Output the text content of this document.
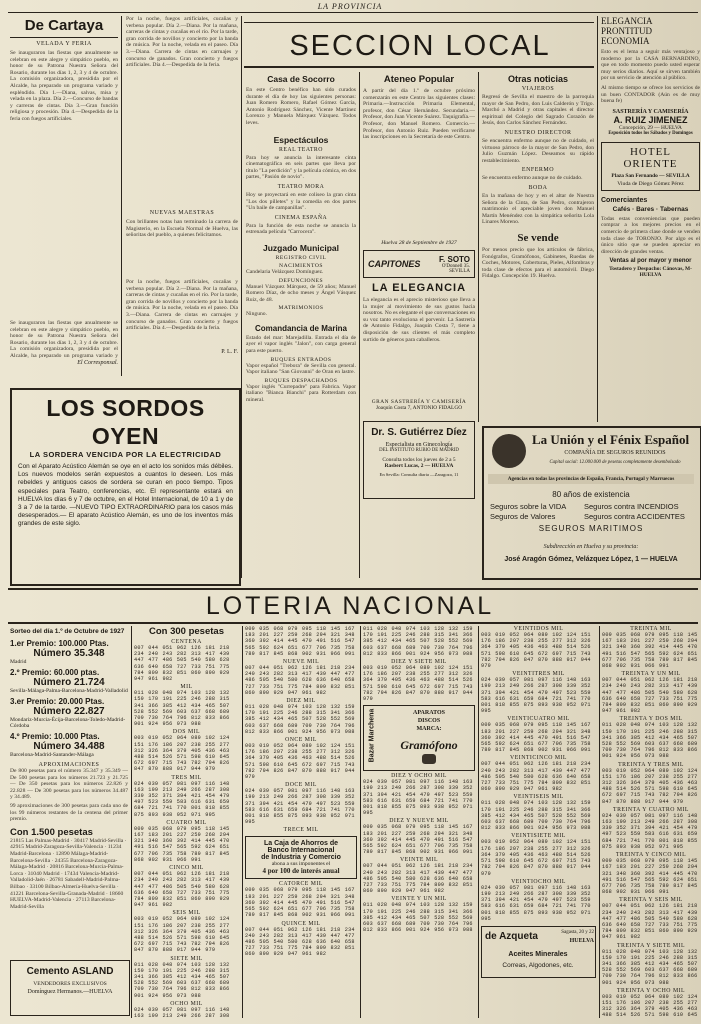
LA PROVINCIA
De Cartaya
VELADA Y FERIA
Se inauguraron las fiestas que anualmente se celebran en este alegre y simpático pueblo, en honor de su Patrona Nuestra Señora del Rosario, durante los días 1, 2, 3 y 4 de octubre. La comisión organizadora, presidida por el Alcalde, ha preparado un programa variado y espléndido. Día 1.—Diana, salvas, misa y velada en la plaza. Día 2.—Concurso de bandas y carreras de cintas. Día 3.—Gran función religiosa y procesión. Día 4.—Despedida de la feria con fuegos artificiales.
Se inauguraron las fiestas que anualmente se celebran en este alegre y simpático pueblo, en honor de su Patrona Nuestra Señora del Rosario, durante los días 1, 2, 3 y 4 de octubre. La comisión organizadora, presidida por el Alcalde, ha preparado un programa variado y
El Corresponsal.
Por la noche, fuegos artificiales, cucañas y verbena popular. Día 2.—Diana. Por la mañana, carreras de cintas y cucañas en el río. Por la tarde, gran corrida de novillos y concierto por la banda de música. Por la noche, velada en el paseo. Día 3.—Diana. Carrera de cintas en carruajes y concurso de ganados. Gran concierto y fuegos artificiales. Día 4.—Despedida de la feria.
NUEVAS MAESTRAS
Con brillantes notas han terminado la carrera de Magisterio, en la Escuela Normal de Huelva, las señoritas del pueblo, a quienes felicitamos.
Por la noche, fuegos artificiales, cucañas y verbena popular. Día 2.—Diana. Por la mañana, carreras de cintas y cucañas en el río. Por la tarde, gran corrida de novillos y concierto por la banda de música. Por la noche, velada en el paseo. Día 3.—Diana. Carrera de cintas en carruajes y concurso de ganados. Gran concierto y fuegos artificiales. Día 4.—Despedida de la feria.
P. L. F.
LOS SORDOS OYEN
LA SORDERA VENCIDA POR LA ELECTRICIDAD
Con el Aparato Acústico Alemán se oye en el acto los sonidos más débiles. Los nuevos modelos serán expuestos a cuantos lo deseen. Los más rebeldes y antiguos casos de sordera se curan en poco tiempo. Tipos especiales para Teatro, conferencias, etc. El representante estará en HUELVA los días 6 y 7 de octubre, en el Hotel Internacional, de 10 a 1 y de 3 a 7 de la tarde. —NUEVO TIPO EXTRAORDINARIO para los casos más desesperados.— El aparato Acústico Alemán, es uno de los inventos más grandes de este siglo.
SECCION LOCAL
Casa de Socorro
En este Centro benéfico han sido curados durante el día de hoy las siguientes personas: Juan Romero Romero, Rafael Gómez García, Antonio Rodríguez Sánchez, Vicente Martínez Lorenzo y Manuela Márquez Vázquez. Todos leves.
Espectáculos
REAL TEATRO
Para hoy se anuncia la interesante cinta cinematográfica en seis partes que lleva por título "La perdición" y la película cómica, en dos partes, "Pasión de novio".
TEATRO MORA
Hoy se proyectará en este coliseo la gran cinta "Los dos pilletes" y la comedia en dos partes "Un baile de campanillas".
CINEMA ESPAÑA
Para la función de esta noche se anuncia la estrenada película "Carrocera".
Juzgado Municipal
REGISTRO CIVIL
NACIMIENTOS
Candelaria Velázquez Domínguez.
DEFUNCIONES
Manuel Vázquez Márquez, de 59 años; Manuel Romero Díaz, de ocho meses y Ángel Vásquez Ruiz, de 48.
MATRIMONIOS
Ninguno.
Comandancia de Marina
Estado del mar: Marejadilla. Entrada el día de ayer el vapor inglés "Jalon", con carga general para este puerto.
BUQUES ENTRADOS
Vapor español "Trebora" de Sevilla con general. Vapor italiano "San Giovanni" de Oran en lastre.
BUQUES DESPACHADOS
Vapor inglés "Currepadre" para Fabrica. Vapor italiano "Bianca Bianchi" para Rotterdam con mineral.
Ateneo Popular
A partir del día 1.º de octubre próximo comenzarán en este Centro las siguientes clases: Primaria.—Instrucción Primaria Elemental, profesor, don César Hernández. Secundaria.—Profesor, don Juan Vicente Suárez. Taquigrafía.—Profesor, don Manuel Romero. Comercio.—Profesor, don Antonio Ruiz. Pueden verificarse las inscripciones en la Secretaría de este Centro.
Huelva 28 de Septiembre de 1927
CAPITONES	F. SOTO
O'Donnell 35. SEVILLA
LA ELEGANCIA
La elegancia es el aprecio misterioso que lleva a la mujer al movimiento de sus gustos hacia nosotros. No es elegante el que conversaciones en su voz tanto evoluciona el porvenir. La Sastrería de Antonio Fidalgo, Joaquín Costa 7, tiene a disposición de sus clientes el más completo surtido de géneros para caballeros.
GRAN SASTRERÍA Y CAMISERÍA
Joaquín Costa 7, ANTONIO FIDALGO
Dr. S. Gutiérrez Díez
Especialista en Ginecología
DEL INSTITUTO RUBIO DE MADRID
Consulta todos los jueves de 2 a 5
Rasbert Lucas, 2 — HUELVA
En Sevilla: Consulta diaria —Zaragoza, 11
Otras noticias
VIAJEROS
Regresó de Sevilla el maestro de la parroquia mayor de San Pedro, don Luis Calderón y Trigo. Marchó a Madrid y otras capitales el director espiritual del Colegio del Sagrado Corazón de Jesús, don Carlos Sánchez Fernández.
NUESTRO DIRECTOR
Se encuentra enfermo aunque no de cuidado, el virtuoso párroco de la mayor de San Pedro, don Julio Guzmán López. Deseamos su rápido restablecimiento.
ENFERMO
Se encuentra enfermo aunque no de cuidado.
BODA
En la mañana de hoy y en el altar de Nuestra Señora de la Cinta, de San Pedro, contrajeron matrimonio el apreciable joven don Manuel Martín Menéndez con la simpática señorita Lola Linares Moreno.
Se vende
Por menos precio que los artículos de fábrica, Fonógrafos, Gramófonos, Gabinetes, Ruedas de Coches, Motores, Coberturas, Pieles, Alfombras y toda clase de efectos para el automóvil. Diego Fidalgo. Concepción 19. Huelva.
La Unión y el Fénix Español
COMPAÑÍA DE SEGUROS REUNIDOS
Capital social: 12.000.000 de pesetas completamente desembolsado
Agencias en todas las provincias de España, Francia, Portugal y Marruecos
80 años de existencia
Seguros sobre la VIDA
Seguros de Valores
Seguros contra INCENDIOS
Seguros contra ACCIDENTES
SEGUROS MARITIMOS
Subdirección en Huelva y su provincia:
José Aragón Gómez, Velázquez López, 1 — HUELVA
ELEGANCIA PRONTITUD ECONOMIA
Esto es el lema a seguir más ventajoso y moderno por la CASA BERNARDINO, que en todo momento puedo usted esperar muy serios diarios. Aquí se sirven también por un servicio de atención al público.
Al mismo tiempo se ofrece los servicios de un buen CONTADOR (Aún es de muy buena fe)
SASTRERÍA Y CAMISERÍA
A. RUIZ JIMENEZ
Concepción, 29 — HUELVA
Esposición todos los Sábados y Domingos
HOTEL ORIENTE
Plaza San Fernando — SEVILLA
Viuda de Diego Gómez Pérez
Comerciantes
Cafés · Bares · Tabernas
Todas estas conveniencias que pueden comprar a los mejores precios en el comercio de primera clase donde se venden toda clase de TORONJO. Por algo es el único sitio que se pueden apreciar en dirección de grandes ventas.
Ventas al por mayor y menor
Tostadero y Despacho: Cánovas, M-HUELVA
LOTERIA NACIONAL
Sorteo del día 1.º de Octubre de 1927
1.er Premio: 100.000 Ptas.
Número 35.348
Madrid
2.º Premio: 60.000 ptas.
Número 21.724
Sevilla-Málaga-Palma-Barcelona-Madrid-Valladolid
3.er Premio: 20.000 Ptas.
Número 22.827
Mondariz-Murcia-Écija-Barcelona-Toledo-Madrid-Córdoba
4.º Premio: 10.000 Ptas.
Número 34.488
Barcelona-Madrid-Santander-Málaga
APROXIMACIONES
De 800 pesetas para el número 35.347 y 35.349 — De 500 pesetas para los números 21.723 y 21.725 — De 350 pesetas para los números 22.826 y 22.828 — De 300 pesetas para los números 34.487 y 34.489.
99 aproximaciones de 300 pesetas para cada uno de los 99 números restantes de la centena del primer premio.
Con 1.500 pesetas
21815 Las Palmas-Madrid · 30417 Madrid-Sevilla · 42915 Madrid-Zaragoza-Sevilla-Valencia · 11234 Madrid-Barcelona · 12890 Málaga-Madrid-Barcelona-Sevilla · 24355 Barcelona-Zaragoza-Málaga-Madrid · 20816 Barcelona-Murcia-Palma-Lorca · 31040 Madrid · 17434 Valencia-Madrid-Valladolid-Jaén · 26781 Sabadell-Madrid-Palma-Bilbao · 33100 Bilbao-Almería-Huelva-Sevilla · 41221 Barcelona-Sevilla-Granada-Madrid · 18660 HUELVA-Madrid-Valencia · 27113 Barcelona-Madrid-Sevilla
Cemento ASLAND
VENDEDORES EXCLUSIVOS
Domínguez Hermanos.—HUELVA
Con 300 pesetas
CENTENA
007 044 051 062 126 181 218 234 240 243 282 313 417 439 447 477 486 505 540 580 628 636 640 658 727 733 751 775 784 809 832 851 860 890 929 947 961 982
MIL
011 028 048 074 103 128 132 159 170 191 225 246 288 315 341 366 385 412 434 465 507 528 552 569 603 637 668 689 709 730 764 796 812 833 866 901 924 956 973 988
DOS MIL
003 019 052 064 089 102 124 151 176 186 207 238 255 277 312 326 364 379 405 436 463 488 514 526 571 598 610 645 672 697 715 743 782 794 826 847 870 888 917 944 979
TRES MIL
024 039 057 081 097 116 148 163 199 213 249 266 287 308 339 352 371 394 421 454 479 497 523 559 583 616 631 659 684 721 741 770 801 818 855 875 893 938 952 971 995
CUATRO MIL
009 035 068 079 095 118 145 167 183 201 227 259 268 294 321 348 360 392 414 445 470 491 516 547 565 592 624 651 677 706 735 758 789 817 845 868 902 931 966 991
CINCO MIL
007 044 051 062 126 181 218 234 240 243 282 313 417 439 447 477 486 505 540 580 628 636 640 658 727 733 751 775 784 809 832 851 860 890 929 947 961 982
SEIS MIL
003 019 052 064 089 102 124 151 176 186 207 238 255 277 312 326 364 379 405 436 463 488 514 526 571 598 610 645 672 697 715 743 782 794 826 847 870 888 917 944 979
SIETE MIL
011 028 048 074 103 128 132 159 170 191 225 246 288 315 341 366 385 412 434 465 507 528 552 569 603 637 668 689 709 730 764 796 812 833 866 901 924 956 973 988
OCHO MIL
024 039 057 081 097 116 148 163 199 213 249 266 287 308
009 035 068 079 095 118 145 167 183 201 227 259 268 294 321 348 360 392 414 445 470 491 516 547 565 592 624 651 677 706 735 758 789 817 845 868 902 931 966 991
NUEVE MIL
007 044 051 062 126 181 218 234 240 243 282 313 417 439 447 477 486 505 540 580 628 636 640 658 727 733 751 775 784 809 832 851 860 890 929 947 961 982
DIEZ MIL
011 028 048 074 103 128 132 159 170 191 225 246 288 315 341 366 385 412 434 465 507 528 552 569 603 637 668 689 709 730 764 796 812 833 866 901 924 956 973 988
ONCE MIL
003 019 052 064 089 102 124 151 176 186 207 238 255 277 312 326 364 379 405 436 463 488 514 526 571 598 610 645 672 697 715 743 782 794 826 847 870 888 917 944 979
DOCE MIL
024 039 057 081 097 116 148 163 199 213 249 266 287 308 339 352 371 394 421 454 479 497 523 559 583 616 631 659 684 721 741 770 801 818 855 875 893 938 952 971 995
TRECE MIL
La Caja de Ahorros de
Banco Internacional
de Industria y Comercio
abona a sus imponentes el
4 por 100 de interés anual
CATORCE MIL
009 035 068 079 095 118 145 167 183 201 227 259 268 294 321 348 360 392 414 445 470 491 516 547 565 592 624 651 677 706 735 758 789 817 845 868 902 931 966 991
QUINCE MIL
007 044 051 062 126 181 218 234 240 243 282 313 417 439 447 477 486 505 540 580 628 636 640 658 727 733 751 775 784 809 832 851 860 890 929 947 961 982
011 028 048 074 103 128 132 159 170 191 225 246 288 315 341 366 385 412 434 465 507 528 552 569 603 637 668 689 709 730 764 796 812 833 866 901 924 956 973 988
DIEZ Y SIETE MIL
003 019 052 064 089 102 124 151 176 186 207 238 255 277 312 326 364 379 405 436 463 488 514 526 571 598 610 645 672 697 715 743 782 794 826 847 870 888 917 944 979
Bazar Marchena	APARATOS
DISCOS
MARCA:
Gramófono
DIEZ Y OCHO MIL
024 039 057 081 097 116 148 163 199 213 249 266 287 308 339 352 371 394 421 454 479 497 523 559 583 616 631 659 684 721 741 770 801 818 855 875 893 938 952 971 995
DIEZ Y NUEVE MIL
009 035 068 079 095 118 145 167 183 201 227 259 268 294 321 348 360 392 414 445 470 491 516 547 565 592 624 651 677 706 735 758 789 817 845 868 902 931 966 991
VEINTE MIL
007 044 051 062 126 181 218 234 240 243 282 313 417 439 447 477 486 505 540 580 628 636 640 658 727 733 751 775 784 809 832 851 860 890 929 947 961 982
VEINTE Y UN MIL
011 028 048 074 103 128 132 159 170 191 225 246 288 315 341 366 385 412 434 465 507 528 552 569 603 637 668 689 709 730 764 796 812 833 866 901 924 956 973 988
VEINTIDOS MIL
003 019 052 064 089 102 124 151 176 186 207 238 255 277 312 326 364 379 405 436 463 488 514 526 571 598 610 645 672 697 715 743 782 794 826 847 870 888 917 944 979
VEINTITRES MIL
024 039 057 081 097 116 148 163 199 213 249 266 287 308 339 352 371 394 421 454 479 497 523 559 583 616 631 659 684 721 741 770 801 818 855 875 893 938 952 971 995
VEINTICUATRO MIL
009 035 068 079 095 118 145 167 183 201 227 259 268 294 321 348 360 392 414 445 470 491 516 547 565 592 624 651 677 706 735 758 789 817 845 868 902 931 966 991
VEINTICINCO MIL
007 044 051 062 126 181 218 234 240 243 282 313 417 439 447 477 486 505 540 580 628 636 640 658 727 733 751 775 784 809 832 851 860 890 929 947 961 982
VEINTISEIS MIL
011 028 048 074 103 128 132 159 170 191 225 246 288 315 341 366 385 412 434 465 507 528 552 569 603 637 668 689 709 730 764 796 812 833 866 901 924 956 973 988
VEINTISIETE MIL
003 019 052 064 089 102 124 151 176 186 207 238 255 277 312 326 364 379 405 436 463 488 514 526 571 598 610 645 672 697 715 743 782 794 826 847 870 888 917 944 979
VEINTIOCHO MIL
024 039 057 081 097 116 148 163 199 213 249 266 287 308 339 352 371 394 421 454 479 497 523 559 583 616 631 659 684 721 741 770 801 818 855 875 893 938 952 971 995
de Azqueta	Sagasta, 20 y 22
HUELVA
Aceites Minerales
Correas, Algodones, etc.
TREINTA MIL
009 035 068 079 095 118 145 167 183 201 227 259 268 294 321 348 360 392 414 445 470 491 516 547 565 592 624 651 677 706 735 758 789 817 845 868 902 931 966 991
TREINTA Y UN MIL
007 044 051 062 126 181 218 234 240 243 282 313 417 439 447 477 486 505 540 580 628 636 640 658 727 733 751 775 784 809 832 851 860 890 929 947 961 982
TREINTA Y DOS MIL
011 028 048 074 103 128 132 159 170 191 225 246 288 315 341 366 385 412 434 465 507 528 552 569 603 637 668 689 709 730 764 796 812 833 866 901 924 956 973 988
TREINTA Y TRES MIL
003 019 052 064 089 102 124 151 176 186 207 238 255 277 312 326 364 379 405 436 463 488 514 526 571 598 610 645 672 697 715 743 782 794 826 847 870 888 917 944 979
TREINTA Y CUATRO MIL
024 039 057 081 097 116 148 163 199 213 249 266 287 308 339 352 371 394 421 454 479 497 523 559 583 616 631 659 684 721 741 770 801 818 855 875 893 938 952 971 995
TREINTA Y CINCO MIL
009 035 068 079 095 118 145 167 183 201 227 259 268 294 321 348 360 392 414 445 470 491 516 547 565 592 624 651 677 706 735 758 789 817 845 868 902 931 966 991
TREINTA Y SEIS MIL
007 044 051 062 126 181 218 234 240 243 282 313 417 439 447 477 486 505 540 580 628 636 640 658 727 733 751 775 784 809 832 851 860 890 929 947 961 982
TREINTA Y SIETE MIL
011 028 048 074 103 128 132 159 170 191 225 246 288 315 341 366 385 412 434 465 507 528 552 569 603 637 668 689 709 730 764 796 812 833 866 901 924 956 973 988
TREINTA Y OCHO MIL
003 019 052 064 089 102 124 151 176 186 207 238 255 277 312 326 364 379 405 436 463 488 514 526 571 598 610 645
